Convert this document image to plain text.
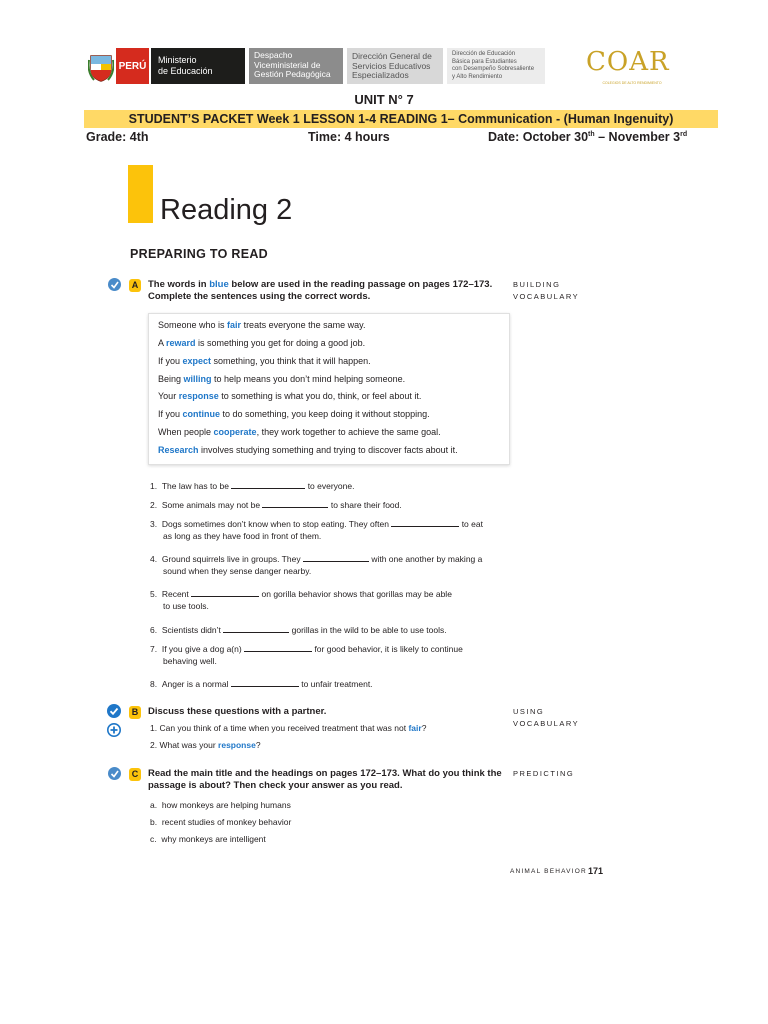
PERÚ
Ministerio
de Educación
Despacho
Viceministerial de
Gestión Pedagógica
Dirección General de
Servicios Educativos
Especializados
Dirección de Educación
Básica para Estudiantes
con Desempeño Sobresaliente
y Alto Rendimiento	COAR
COLEGIOS DE ALTO RENDIMIENTO
UNIT N° 7
STUDENT’S PACKET Week 1 LESSON 1-4 READING 1– Communication - (Human Ingenuity)
Grade: 4th	Time: 4 hours	Date: October 30th – November 3rd
Reading 2
PREPARING TO READ
A The words in blue below are used in the reading passage on pages 172–173.
Complete the sentences using the correct words.
BUILDING
VOCABULARY
Someone who is fair treats everyone the same way.
A reward is something you get for doing a good job.
If you expect something, you think that it will happen.
Being willing to help means you don’t mind helping someone.
Your response to something is what you do, think, or feel about it.
If you continue to do something, you keep doing it without stopping.
When people cooperate, they work together to achieve the same goal.
Research involves studying something and trying to discover facts about it.
1. The law has to be	to everyone.
2. Some animals may not be	to share their food.
3. Dogs sometimes don’t know when to stop eating. They often	to eat
as long as they have food in front of them.
4. Ground squirrels live in groups. They	with one another by making a
sound when they sense danger nearby.
5. Recent	on gorilla behavior shows that gorillas may be able
to use tools.
6. Scientists didn’t	gorillas in the wild to be able to use tools.
7. If you give a dog a(n)	for good behavior, it is likely to continue
behaving well.
8. Anger is a normal	to unfair treatment.
B Discuss these questions with a partner.	USING
VOCABULARY
1. Can you think of a time when you received treatment that was not fair?
2. What was your response?
C Read the main title and the headings on pages 172–173. What do you think the
passage is about? Then check your answer as you read.
PREDICTING
a. how monkeys are helping humans
b. recent studies of monkey behavior
c. why monkeys are intelligent
ANIMAL BEHAVIOR 171
